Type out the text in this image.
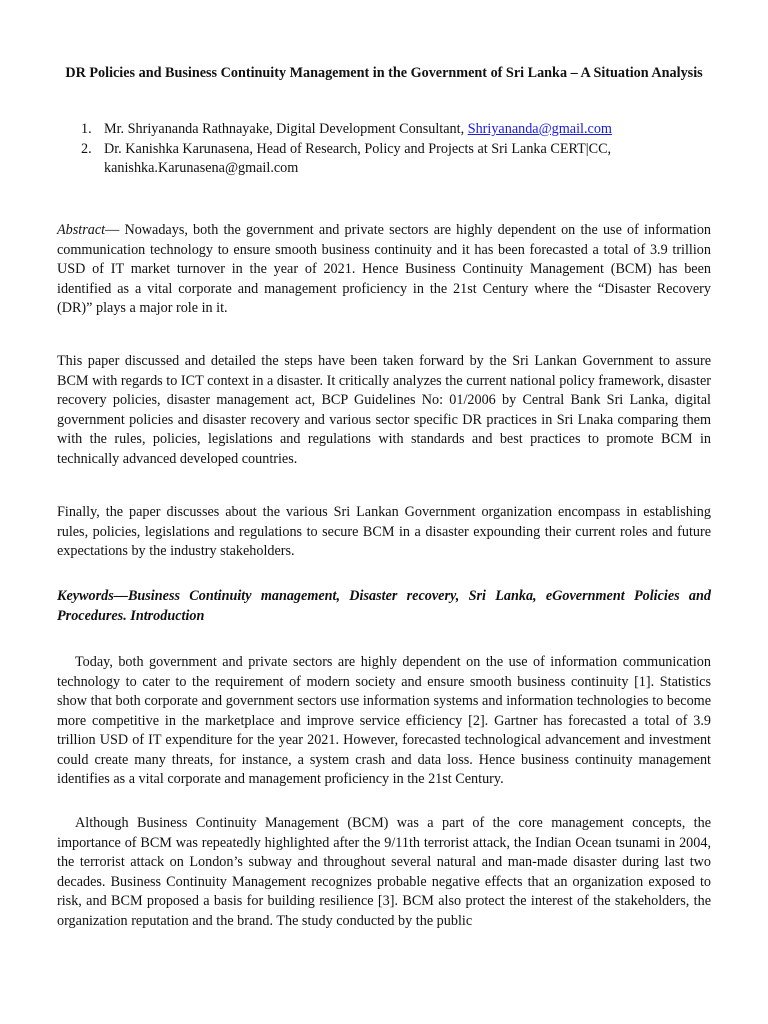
DR Policies and Business Continuity Management in the Government of Sri Lanka – A Situation Analysis
1. Mr. Shriyananda Rathnayake, Digital Development Consultant, Shriyananda@gmail.com
2. Dr. Kanishka Karunasena, Head of Research, Policy and Projects at Sri Lanka CERT|CC,
kanishka.Karunasena@gmail.com
Abstract— Nowadays, both the government and private sectors are highly dependent on the use of information communication technology to ensure smooth business continuity and it has been forecasted a total of 3.9 trillion USD of IT market turnover in the year of 2021. Hence Business Continuity Management (BCM) has been identified as a vital corporate and management proficiency in the 21st Century where the “Disaster Recovery (DR)” plays a major role in it.
This paper discussed and detailed the steps have been taken forward by the Sri Lankan Government to assure BCM with regards to ICT context in a disaster. It critically analyzes the current national policy framework, disaster recovery policies, disaster management act, BCP Guidelines No: 01/2006 by Central Bank Sri Lanka, digital government policies and disaster recovery and various sector specific DR practices in Sri Lnaka comparing them with the rules, policies, legislations and regulations with standards and best practices to promote BCM in technically advanced developed countries.
Finally, the paper discusses about the various Sri Lankan Government organization encompass in establishing rules, policies, legislations and regulations to secure BCM in a disaster expounding their current roles and future expectations by the industry stakeholders.
Keywords—Business Continuity management, Disaster recovery, Sri Lanka, eGovernment Policies and Procedures. Introduction
Today, both government and private sectors are highly dependent on the use of information communication technology to cater to the requirement of modern society and ensure smooth business continuity [1]. Statistics show that both corporate and government sectors use information systems and information technologies to become more competitive in the marketplace and improve service efficiency [2]. Gartner has forecasted a total of 3.9 trillion USD of IT expenditure for the year 2021. However, forecasted technological advancement and investment could create many threats, for instance, a system crash and data loss. Hence business continuity management identifies as a vital corporate and management proficiency in the 21st Century.
Although Business Continuity Management (BCM) was a part of the core management concepts, the importance of BCM was repeatedly highlighted after the 9/11th terrorist attack, the Indian Ocean tsunami in 2004, the terrorist attack on London’s subway and throughout several natural and man-made disaster during last two decades. Business Continuity Management recognizes probable negative effects that an organization exposed to risk, and BCM proposed a basis for building resilience [3]. BCM also protect the interest of the stakeholders, the organization reputation and the brand. The study conducted by the public
